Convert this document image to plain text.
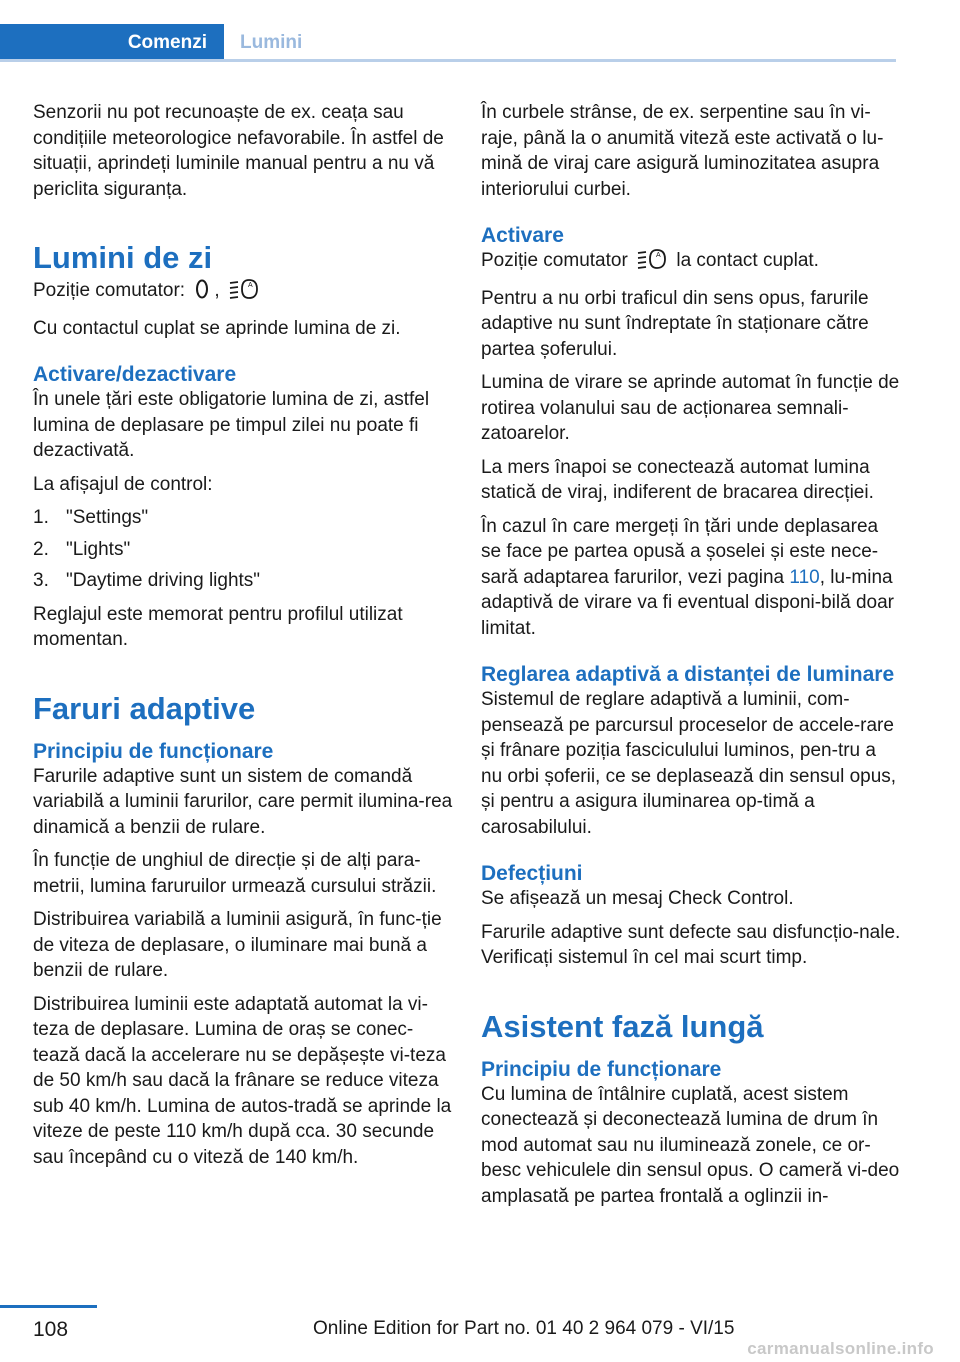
Comenzi Lumini

Senzorii nu pot recunoaște de ex. ceața sau condițiile meteorologice nefavorabile. În astfel de situații, aprindeți luminile manual pentru a nu vă periclita siguranța.

Lumini de zi

Poziție comutator: ,	A

Cu contactul cuplat se aprinde lumina de zi.

Activare/dezactivare

În unele țări este obligatorie lumina de zi, astfel lumina de deplasare pe timpul zilei nu poate fi dezactivată.

La afișajul de control:

1. "Settings"
2. "Lights"
3. "Daytime driving lights"

Reglajul este memorat pentru profilul utilizat momentan.

Faruri adaptive
Principiu de funcționare

Farurile adaptive sunt un sistem de comandă variabilă a luminii farurilor, care permit ilumina-rea dinamică a benzii de rulare.

În funcție de unghiul de direcție și de alți para-metrii, lumina faruruilor urmează cursului străzii.

Distribuirea variabilă a luminii asigură, în func-ție de viteza de deplasare, o iluminare mai bună a benzii de rulare.

Distribuirea luminii este adaptată automat la vi-teza de deplasare. Lumina de oraș se conec-tează dacă la accelerare nu se depășește vi-teza de 50 km/h sau dacă la frânare se reduce viteza sub 40 km/h. Lumina de autos-tradă se aprinde la viteze de peste 110 km/h după cca. 30 secunde sau începând cu o viteză de 140 km/h.

În curbele strânse, de ex. serpentine sau în vi-raje, până la o anumită viteză este activată o lu-mină de viraj care asigură luminozitatea asupra interiorului curbei.

Activare

Poziție comutator	A la contact cuplat.

Pentru a nu orbi traficul din sens opus, farurile adaptive nu sunt îndreptate în staționare către partea șoferului.

Lumina de virare se aprinde automat în funcție de rotirea volanului sau de acționarea semnali-zatoarelor.

La mers înapoi se conectează automat lumina statică de viraj, indiferent de bracarea direcției.

În cazul în care mergeți în țări unde deplasarea se face pe partea opusă a șoselei și este nece-sară adaptarea farurilor, vezi pagina 110, lu-mina adaptivă de virare va fi eventual disponi-bilă doar limitat.

Reglarea adaptivă a distanței de luminare

Sistemul de reglare adaptivă a luminii, com-pensează pe parcursul proceselor de accele-rare și frânare poziția fasciculului luminos, pen-tru a nu orbi șoferii, ce se deplasează din sensul opus, și pentru a asigura iluminarea op-timă a carosabilului.

Defecțiuni

Se afișează un mesaj Check Control.

Farurile adaptive sunt defecte sau disfuncțio-nale. Verificați sistemul în cel mai scurt timp.

Asistent fază lungă
Principiu de funcționare

Cu lumina de întâlnire cuplată, acest sistem conectează și deconectează lumina de drum în mod automat sau nu iluminează zonele, ce or-besc vehiculele din sensul opus. O cameră vi-deo amplasată pe partea frontală a oglinzii in-

108	Online Edition for Part no. 01 40 2 964 079 - VI/15
carmanualsonline.info
